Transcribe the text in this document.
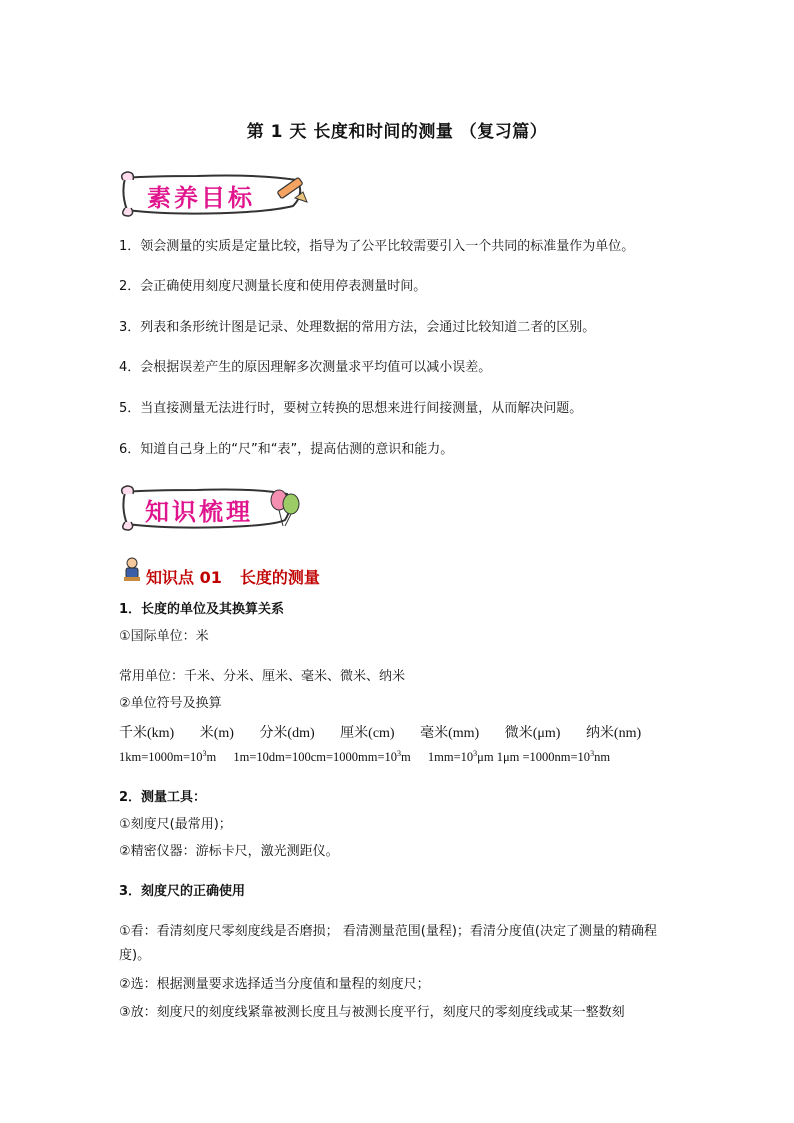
第 1 天 长度和时间的测量 （复习篇）
素养目标
1．领会测量的实质是定量比较，指导为了公平比较需要引入一个共同的标准量作为单位。
2．会正确使用刻度尺测量长度和使用停表测量时间。
3．列表和条形统计图是记录、处理数据的常用方法，会通过比较知道二者的区别。
4．会根据误差产生的原因理解多次测量求平均值可以减小误差。
5．当直接测量无法进行时，要树立转换的思想来进行间接测量，从而解决问题。
6．知道自己身上的“尺”和“表”，提高估测的意识和能力。
知识梳理
知识点 01 长度的测量
1．长度的单位及其换算关系
①国际单位：米
常用单位：千米、分米、厘米、毫米、微米、纳米
②单位符号及换算
千米(km) 米(m) 分米(dm) 厘米(cm) 毫米(mm) 微米(μm) 纳米(nm)
$1km=1000m=10^3m$ $1m=10dm=100cm=1000mm=10^3m$ $1mm=10^3\mu m$ $1\mu m =1000nm=10^3nm$
2．测量工具：
①刻度尺(最常用)；
②精密仪器：游标卡尺，激光测距仪。
3．刻度尺的正确使用
①看：看清刻度尺零刻度线是否磨损； 看清测量范围(量程)；看清分度值(决定了测量的精确程度)。
②选：根据测量要求选择适当分度值和量程的刻度尺；
③放：刻度尺的刻度线紧靠被测长度且与被测长度平行，刻度尺的零刻度线或某一整数刻
